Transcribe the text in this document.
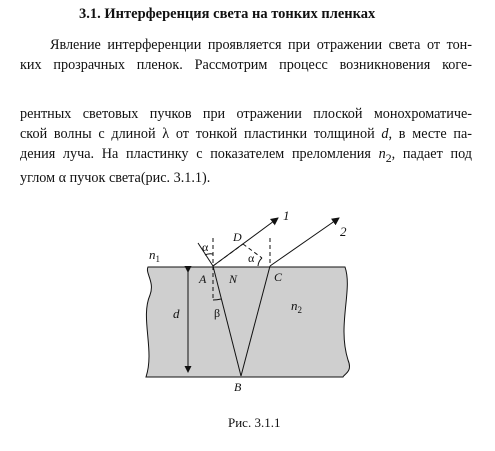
3.1. Интерференция света на тонких пленках
Явление интерференции проявляется при отражении света от тон-
ких прозрачных пленок. Рассмотрим процесс возникновения коге-
рентных световых пучков при отражении плоской монохроматиче-
ской волны с длиной λ от тонкой пластинки толщиной d, в месте па-
дения луча. На пластинку с показателем преломления $n_2$, падает под
углом α пучок света(рис. 3.1.1).
1
2
$n_1$
$n_2$
α
α
β
A N	C
D
B
d
Рис. 3.1.1
